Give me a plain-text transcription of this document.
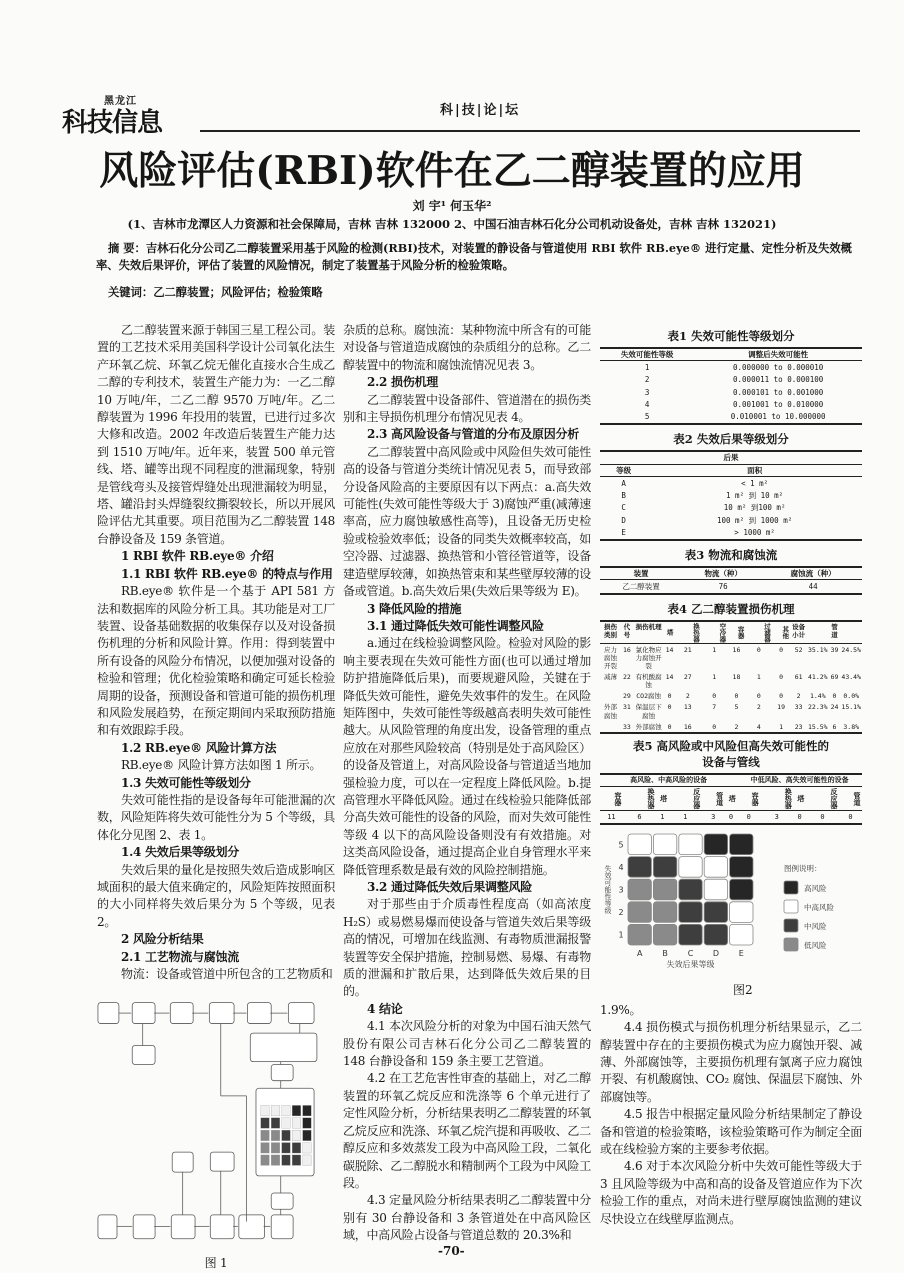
黑龙江
科技信息	科|技|论|坛
风险评估(RBI)软件在乙二醇装置的应用
刘 宇¹ 何玉华²
(1、吉林市龙潭区人力资源和社会保障局，吉林 吉林 132000 2、中国石油吉林石化分公司机动设备处，吉林 吉林 132021)
摘 要：吉林石化分公司乙二醇装置采用基于风险的检测(RBI)技术，对装置的静设备与管道使用 RBI 软件 RB.eye® 进行定量、定性分析及失效概率、失效后果评价，评估了装置的风险情况，制定了装置基于风险分析的检验策略。
关键词：乙二醇装置；风险评估；检验策略

乙二醇装置来源于韩国三星工程公司。装置的工艺技术采用美国科学设计公司氧化法生产环氧乙烷、环氧乙烷无催化直接水合生成乙二醇的专利技术，装置生产能力为：一乙二醇 10 万吨/年，二乙二醇 9570 万吨/年。乙二醇装置为 1996 年投用的装置，已进行过多次大修和改造。2002 年改造后装置生产能力达到 1510 万吨/年。近年来，装置 500 单元管线、塔、罐等出现不同程度的泄漏现象，特别是管线弯头及接管焊缝处出现泄漏较为明显，塔、罐沿封头焊缝裂纹撕裂较长，所以开展风险评估尤其重要。项目范围为乙二醇装置 148 台静设备及 159 条管道。

1 RBI 软件 RB.eye® 介绍

1.1 RBI 软件 RB.eye® 的特点与作用

RB.eye® 软件是一个基于 API 581 方法和数据库的风险分析工具。其功能是对工厂装置、设备基础数据的收集保存以及对设备损伤机理的分析和风险计算。作用：得到装置中所有设备的风险分布情况，以便加强对设备的检验和管理；优化检验策略和确定可延长检验周期的设备，预测设备和管道可能的损伤机理和风险发展趋势，在预定期间内采取预防措施和有效跟踪手段。

1.2 RB.eye® 风险计算方法

RB.eye® 风险计算方法如图 1 所示。

1.3 失效可能性等级划分

失效可能性指的是设备每年可能泄漏的次数，风险矩阵将失效可能性分为 5 个等级，具体化分见图 2、表 1。

1.4 失效后果等级划分

失效后果的量化是按照失效后造成影响区域面积的最大值来确定的，风险矩阵按照面积的大小同样将失效后果分为 5 个等级，见表 2。

2 风险分析结果

2.1 工艺物流与腐蚀流

物流：设备或管道中所包含的工艺物质和

图 1

杂质的总称。腐蚀流：某种物流中所含有的可能对设备与管道造成腐蚀的杂质组分的总称。乙二醇装置中的物流和腐蚀流情况见表 3。

2.2 损伤机理

乙二醇装置中设备部件、管道潜在的损伤类别和主导损伤机理分布情况见表 4。

2.3 高风险设备与管道的分布及原因分析

乙二醇装置中高风险或中风险但失效可能性高的设备与管道分类统计情况见表 5，而导致部分设备风险高的主要原因有以下两点：a.高失效可能性(失效可能性等级大于 3)腐蚀严重(减薄速率高，应力腐蚀敏感性高等)，且设备无历史检验或检验效率低；设备的同类失效概率较高，如空冷器、过滤器、换热管和小管径管道等，设备建造壁厚较薄，如换热管束和某些壁厚较薄的设备或管道。b.高失效后果(失效后果等级为 E)。

3 降低风险的措施

3.1 通过降低失效可能性调整风险

a.通过在线检验调整风险。检验对风险的影响主要表现在失效可能性方面(也可以通过增加防护措施降低后果)，而要规避风险，关键在于降低失效可能性，避免失效事件的发生。在风险矩阵图中，失效可能性等级越高表明失效可能性越大。从风险管理的角度出发，设备管理的重点应放在对那些风险较高（特别是处于高风险区）的设备及管道上，对高风险设备与管道适当地加强检验力度，可以在一定程度上降低风险。b.提高管理水平降低风险。通过在线检验只能降低部分高失效可能性的设备的风险，而对失效可能性等级 4 以下的高风险设备则没有有效措施。对这类高风险设备，通过提高企业自身管理水平来降低管理系数是最有效的风险控制措施。

3.2 通过降低失效后果调整风险

对于那些由于介质毒性程度高（如高浓度 H₂S）或易燃易爆而使设备与管道失效后果等级高的情况，可增加在线监测、有毒物质泄漏报警装置等安全保护措施，控制易燃、易爆、有毒物质的泄漏和扩散后果，达到降低失效后果的目的。

4 结论

4.1 本次风险分析的对象为中国石油天然气股份有限公司吉林石化分公司乙二醇装置的 148 台静设备和 159 条主要工艺管道。

4.2 在工艺危害性审查的基础上，对乙二醇装置的环氧乙烷反应和洗涤等 6 个单元进行了定性风险分析，分析结果表明乙二醇装置的环氧乙烷反应和洗涤、环氧乙烷汽提和再吸收、乙二醇反应和多效蒸发工段为中高风险工段，二氧化碳脱除、乙二醇脱水和精制两个工段为中风险工段。

4.3 定量风险分析结果表明乙二醇装置中分别有 30 台静设备和 3 条管道处在中高风险区域，中高风险占设备与管道总数的 20.3%和

表1 失效可能性等级划分
失效可能性等级	调整后失效可能性
1	0.000000 to 0.000010
2	0.000011 to 0.000100
3	0.000101 to 0.001000
4	0.001001 to 0.010000
5	0.010001 to 10.000000
表2 失效后果等级划分
后果	
等级	面积
A	< 1 m²
B	1 m² 到 10 m²
C	10 m² 到100 m²
D	100 m² 到 1000 m²
E	> 1000 m²
表3 物流和腐蚀流
装置	物流（种）	腐蚀流（种）
乙二醇装置	76	44
表4 乙二醇装置损伤机理
损伤类别	代号	损伤机理	塔	换热器	空冷器	容器	过滤器	其他	设备小计		管道	
应力腐蚀开裂	16	氯化物应力腐蚀开裂	14	21	1	16	0	0	52	35.1%	39	24.5%
减薄	22	有机酸腐蚀	14	27	1	18	1	0	61	41.2%	69	43.4%
	29	CO2腐蚀	0	2	0	0	0	0	2	1.4%	0	0.0%
外部腐蚀	31	保温层下腐蚀	0	13	7	5	2	19	33	22.3%	24	15.1%
	33	外部腐蚀	0	16	0	2	4	1	23	15.5%	6	3.8%
表5 高风险或中风险但高失效可能性的设备与管线
高风险、中高风险的设备						中低风险、高失效可能性的设备				
容器	换热器	塔	反应器	管道	塔	容器	换热器	塔	反应器	管道
11	6	1	1	3	0	0	3	0	0	0
5
4
3
2
1
A B C D E
失效后果等级
失效可能性等级	图例说明：
高风险
中高风险
中风险
低风险
图2

1.9%。

4.4 损伤模式与损伤机理分析结果显示，乙二醇装置中存在的主要损伤模式为应力腐蚀开裂、减薄、外部腐蚀等，主要损伤机理有氯离子应力腐蚀开裂、有机酸腐蚀、CO₂ 腐蚀、保温层下腐蚀、外部腐蚀等。

4.5 报告中根据定量风险分析结果制定了静设备和管道的检验策略，该检验策略可作为制定全面或在线检验方案的主要参考依据。

4.6 对于本次风险分析中失效可能性等级大于 3 且风险等级为中高和高的设备及管道应作为下次检验工作的重点，对尚未进行壁厚腐蚀监测的建议尽快设立在线壁厚监测点。

-70-
